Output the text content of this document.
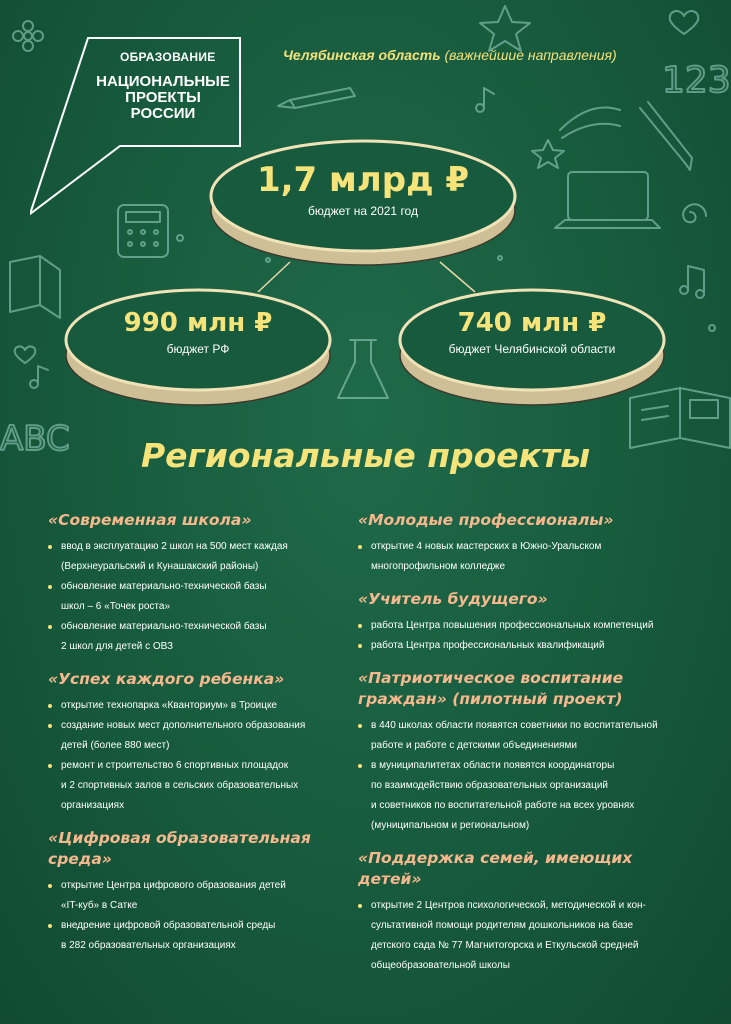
123
ABC
ОБРАЗОВАНИЕ
НАЦИОНАЛЬНЫЕ ПРОЕКТЫ РОССИИ
Челябинская область (важнейшие направления)
1,7 млрд ₽
бюджет на 2021 год
990 млн ₽
бюджет РФ
740 млн ₽
бюджет Челябинской области
Региональные проекты
«Современная школа»
ввод в эксплуатацию 2 школ на 500 мест каждая
(Верхнеуральский и Кунашакский районы)
обновление материально-технической базы
школ – 6 «Точек роста»
обновление материально-технической базы
2 школ для детей с ОВЗ
«Успех каждого ребенка»
открытие технопарка «Кванториум» в Троицке
создание новых мест дополнительного образования
детей (более 880 мест)
ремонт и строительство 6 спортивных площадок
и 2 спортивных залов в сельских образовательных
организациях
«Цифровая образовательная среда»
открытие Центра цифрового образования детей
«IT-куб» в Сатке
внедрение цифровой образовательной среды
в 282 образовательных организациях
«Молодые профессионалы»
открытие 4 новых мастерских в Южно-Уральском
многопрофильном колледже
«Учитель будущего»
работа Центра повышения профессиональных компетенций
работа Центра профессиональных квалификаций
«Патриотическое воспитание граждан» (пилотный проект)
в 440 школах области появятся советники по воспитательной
работе и работе с детскими объединениями
в муниципалитетах области появятся координаторы
по взаимодействию образовательных организаций
и советников по воспитательной работе на всех уровнях
(муниципальном и региональном)
«Поддержка семей, имеющих детей»
открытие 2 Центров психологической, методической и кон-
сультативной помощи родителям дошкольников на базе
детского сада № 77 Магнитогорска и Еткульской средней
общеобразовательной школы
